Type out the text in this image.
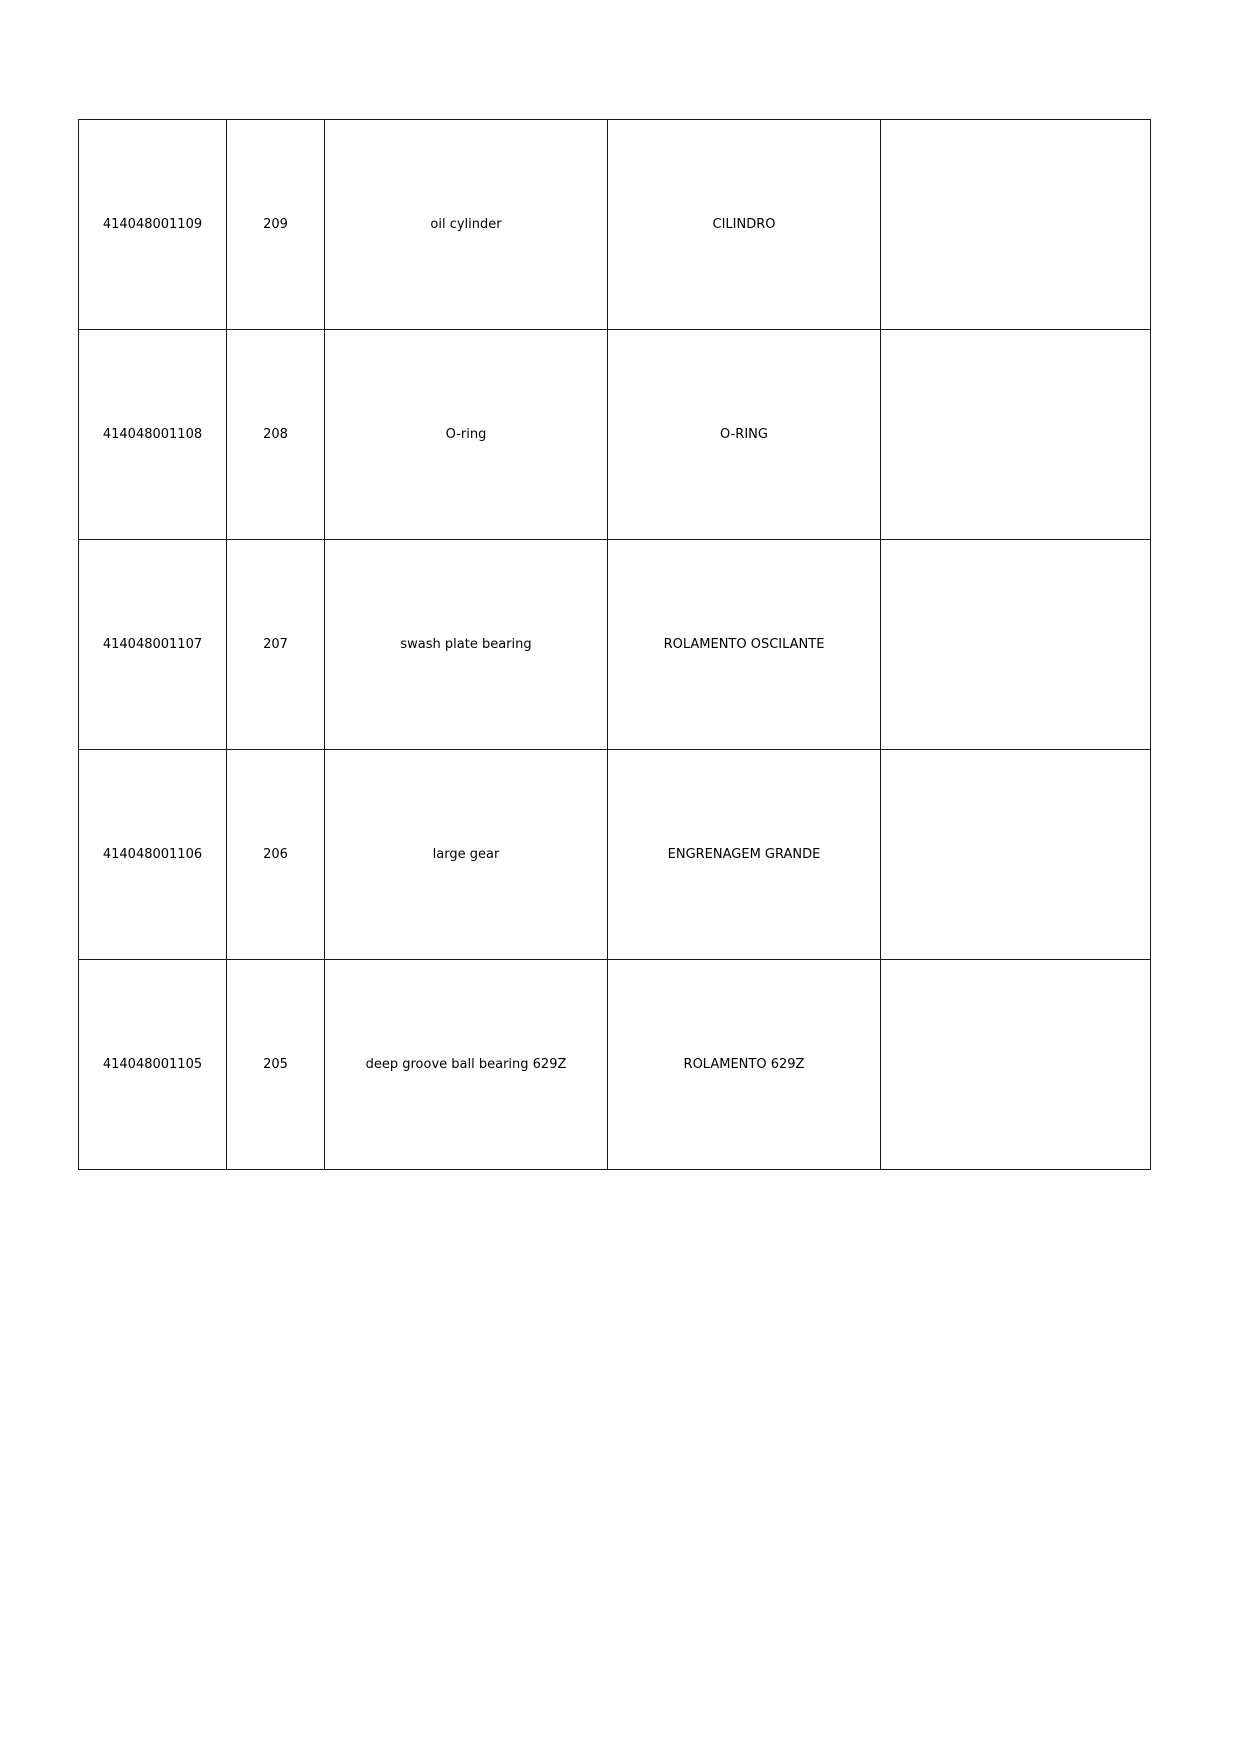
414048001109	209	oil cylinder	CILINDRO	
414048001108	208	O-ring	O-RING	
414048001107	207	swash plate bearing	ROLAMENTO OSCILANTE	
414048001106	206	large gear	ENGRENAGEM GRANDE	
414048001105	205	deep groove ball bearing 629Z	ROLAMENTO 629Z	
